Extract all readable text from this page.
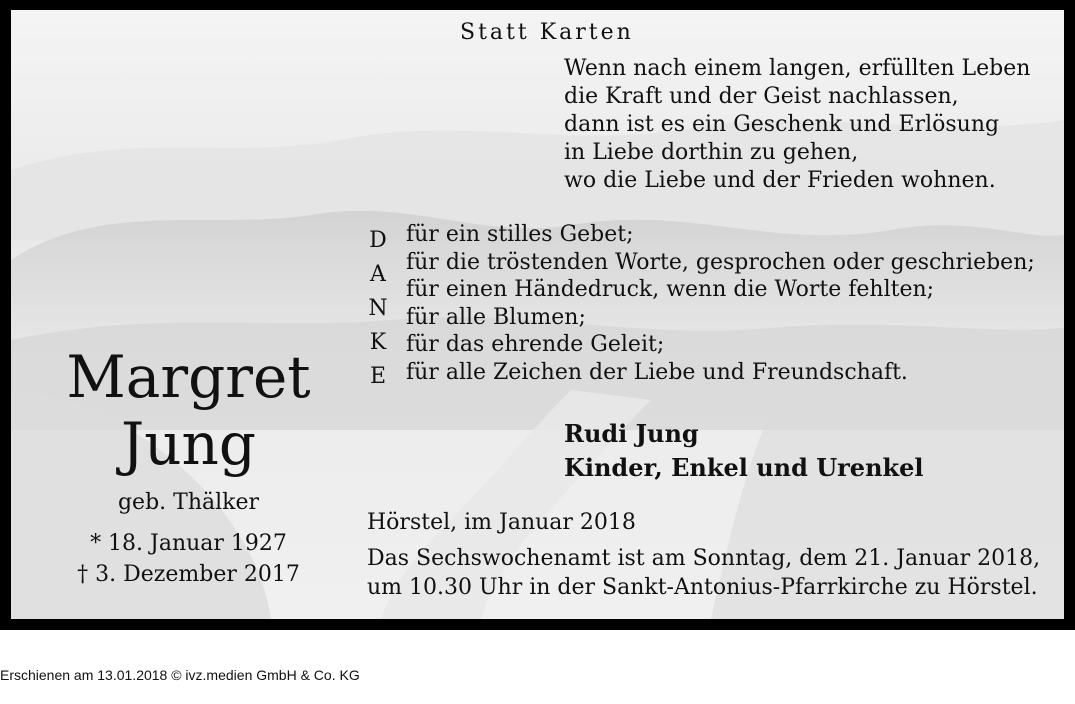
Statt Karten
Wenn nach einem langen, erfüllten Leben
die Kraft und der Geist nachlassen,
dann ist es ein Geschenk und Erlösung
in Liebe dorthin zu gehen,
wo die Liebe und der Frieden wohnen.
D
A
N
K
E
für ein stilles Gebet;
für die tröstenden Worte, gesprochen oder geschrieben;
für einen Händedruck, wenn die Worte fehlten;
für alle Blumen;
für das ehrende Geleit;
für alle Zeichen der Liebe und Freundschaft.
Rudi Jung
Kinder, Enkel und Urenkel
Hörstel, im Januar 2018
Das Sechswochenamt ist am Sonntag, dem 21. Januar 2018,
um 10.30 Uhr in der Sankt-Antonius-Pfarrkirche zu Hörstel.
Margret
Jung
geb. Thälker
* 18. Januar 1927
† 3. Dezember 2017
Erschienen am 13.01.2018 © ivz.medien GmbH & Co. KG
